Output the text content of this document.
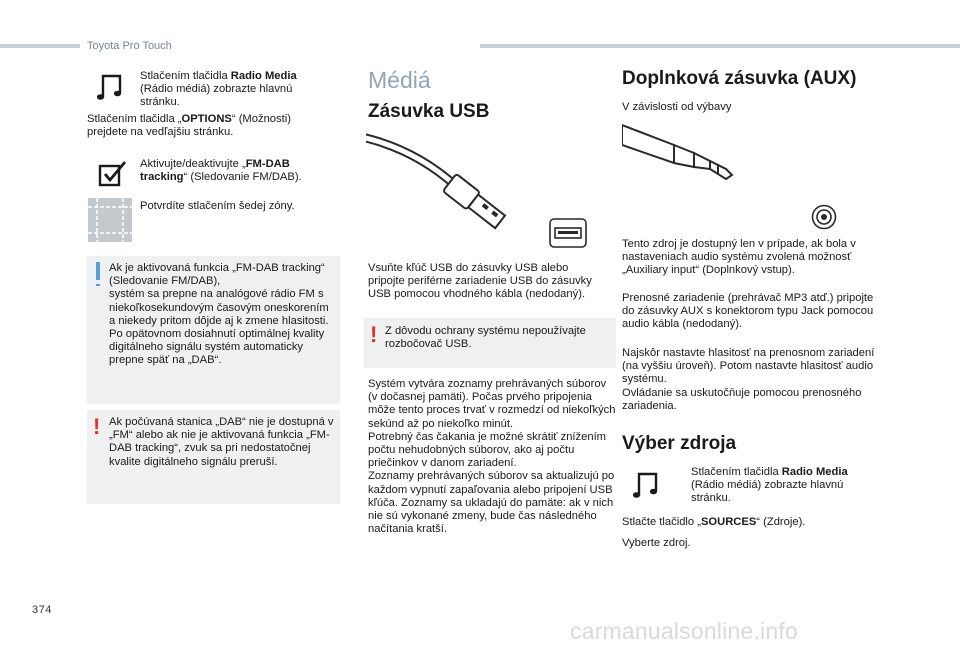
Toyota Pro Touch
Stlačením tlačidla Radio Media
(Rádio médiá) zobrazte hlavnú stránku.
Stlačením tlačidla „OPTIONS“ (Možnosti) prejdete na vedľajšiu stránku.
Aktivujte/deaktivujte „FM-DAB tracking“ (Sledovanie FM/DAB).
Potvrdíte stlačením šedej zóny.
Ak je aktivovaná funkcia „FM-DAB tracking“ (Sledovanie FM/DAB),
systém sa prepne na analógové rádio FM s niekoľkosekundovým časovým oneskorením a niekedy pritom dôjde aj k zmene hlasitosti.
Po opätovnom dosiahnutí optimálnej kvality digitálneho signálu systém automaticky prepne späť na „DAB“.
! Ak počúvaná stanica „DAB“ nie je dostupná v „FM“ alebo ak nie je aktivovaná funkcia „FM-DAB tracking“, zvuk sa pri nedostatočnej kvalite digitálneho signálu preruší.
Médiá
Zásuvka USB
Vsuňte kľúč USB do zásuvky USB alebo pripojte periférne zariadenie USB do zásuvky USB pomocou vhodného kábla (nedodaný).
! Z dôvodu ochrany systému nepoužívajte rozbočovač USB.
Systém vytvára zoznamy prehrávaných súborov (v dočasnej pamäti). Počas prvého pripojenia môže tento proces trvať v rozmedzí od niekoľkých sekúnd až po niekoľko minút.
Potrebný čas čakania je možné skrátiť znížením počtu nehudobných súborov, ako aj počtu priečinkov v danom zariadení.
Zoznamy prehrávaných súborov sa aktualizujú po každom vypnutí zapaľovania alebo pripojení USB kľúča. Zoznamy sa ukladajú do pamäte: ak v nich nie sú vykonané zmeny, bude čas následného načítania kratší.
Doplnková zásuvka (AUX)
V závislosti od výbavy
Tento zdroj je dostupný len v prípade, ak bola v nastaveniach audio systému zvolená možnosť „Auxiliary input“ (Doplnkový vstup).
Prenosné zariadenie (prehrávač MP3 atď.) pripojte do zásuvky AUX s konektorom typu Jack pomocou audio kábla (nedodaný).
Najskôr nastavte hlasitosť na prenosnom zariadení (na vyššiu úroveň). Potom nastavte hlasitosť audio systému.
Ovládanie sa uskutočňuje pomocou prenosného zariadenia.
Výber zdroja
Stlačením tlačidla Radio Media
(Rádio médiá) zobrazte hlavnú stránku.
Stlačte tlačidlo „SOURCES“ (Zdroje).
Vyberte zdroj.
374
carmanualsonline.info
